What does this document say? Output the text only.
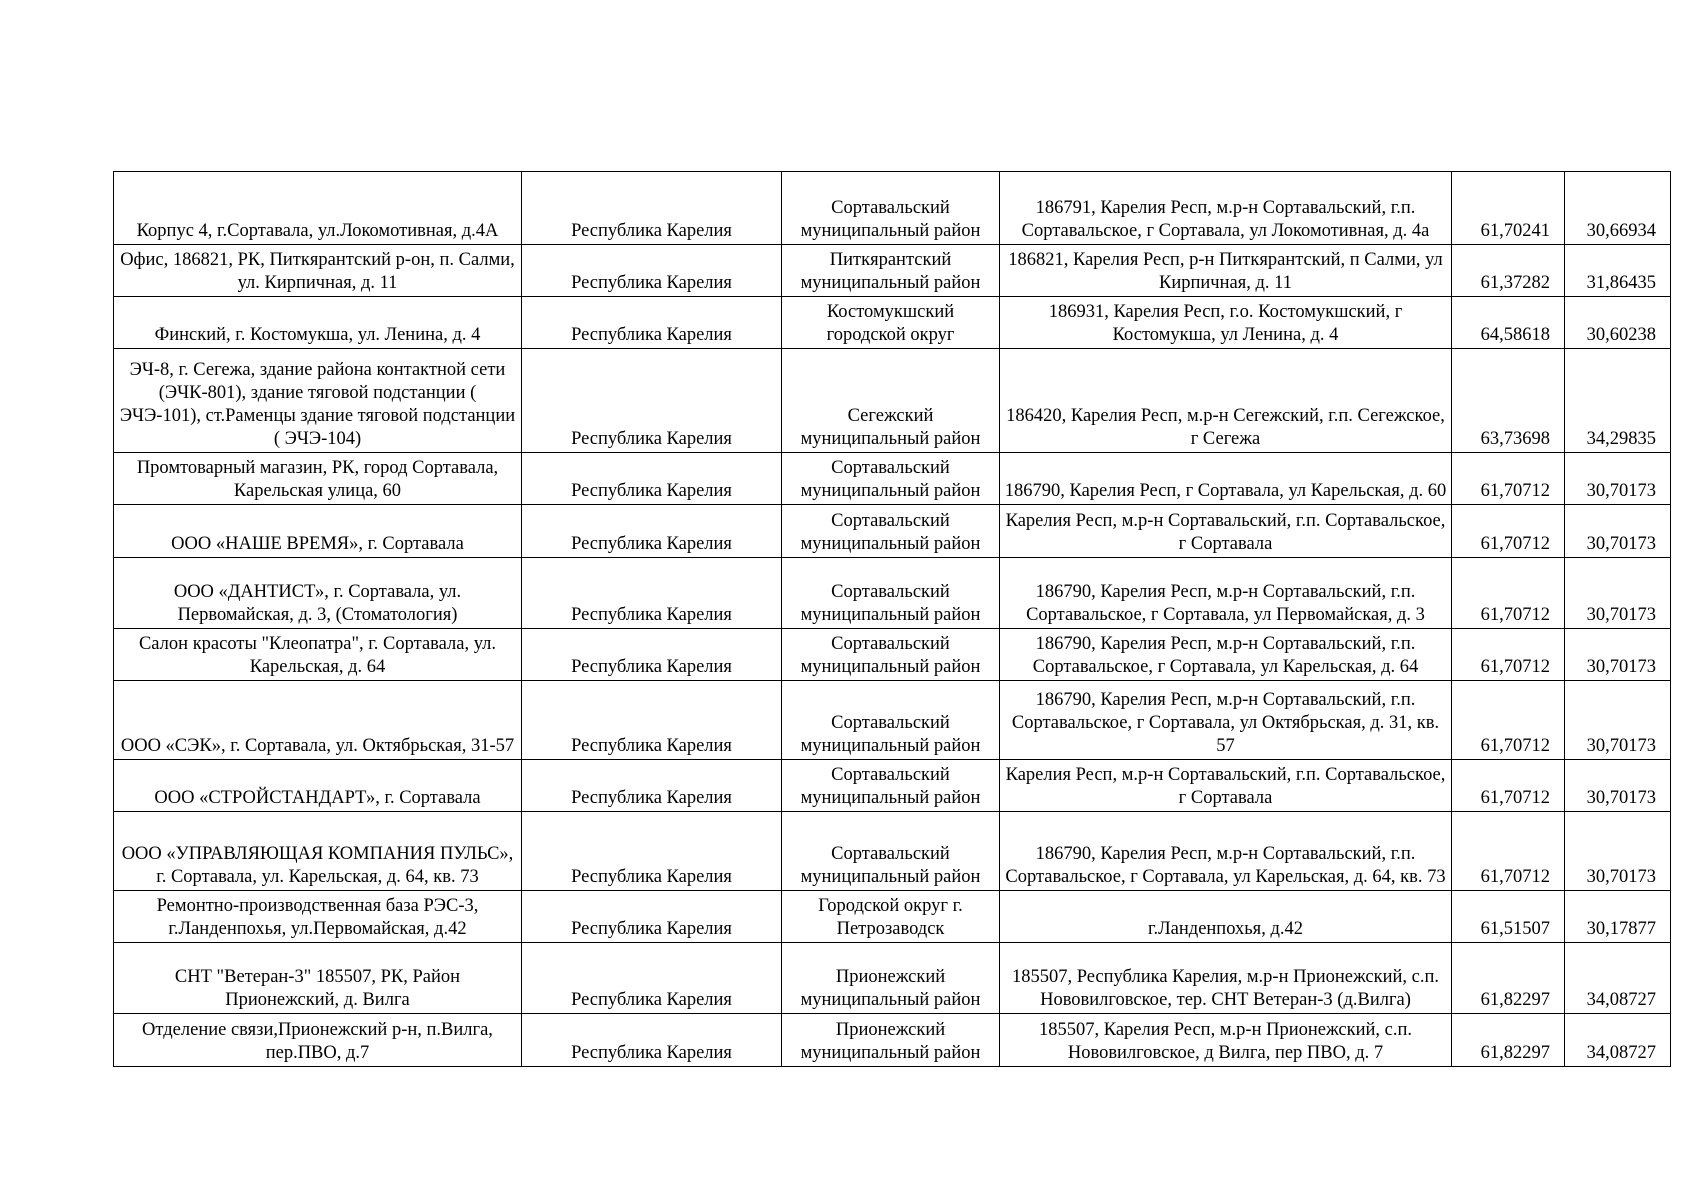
Корпус 4, г.Сортавала, ул.Локомотивная, д.4А	Республика Карелия	Сортавальский муниципальный район	186791, Карелия Респ, м.р-н Сортавальский, г.п. Сортавальское, г Сортавала, ул Локомотивная, д. 4а	61,70241	30,66934
Офис, 186821, РК, Питкярантский р-он, п. Салми, ул. Кирпичная, д. 11	Республика Карелия	Питкярантский муниципальный район	186821, Карелия Респ, р-н Питкярантский, п Салми, ул Кирпичная, д. 11	61,37282	31,86435
Финский, г. Костомукша, ул. Ленина, д. 4	Республика Карелия	Костомукшский городской округ	186931, Карелия Респ, г.о. Костомукшский, г Костомукша, ул Ленина, д. 4	64,58618	30,60238
ЭЧ-8, г. Сегежа, здание района контактной сети (ЭЧК-801), здание тяговой подстанции ( ЭЧЭ-101), ст.Раменцы здание тяговой подстанции ( ЭЧЭ-104)	Республика Карелия	Сегежский муниципальный район	186420, Карелия Респ, м.р-н Сегежский, г.п. Сегежское, г Сегежа	63,73698	34,29835
Промтоварный магазин, РК, город Сортавала, Карельская улица, 60	Республика Карелия	Сортавальский муниципальный район	186790, Карелия Респ, г Сортавала, ул Карельская, д. 60	61,70712	30,70173
ООО «НАШЕ ВРЕМЯ», г. Сортавала	Республика Карелия	Сортавальский муниципальный район	Карелия Респ, м.р-н Сортавальский, г.п. Сортавальское, г Сортавала	61,70712	30,70173
ООО «ДАНТИСТ», г. Сортавала, ул. Первомайская, д. 3, (Стоматология)	Республика Карелия	Сортавальский муниципальный район	186790, Карелия Респ, м.р-н Сортавальский, г.п. Сортавальское, г Сортавала, ул Первомайская, д. 3	61,70712	30,70173
Салон красоты "Клеопатра", г. Сортавала, ул. Карельская, д. 64	Республика Карелия	Сортавальский муниципальный район	186790, Карелия Респ, м.р-н Сортавальский, г.п. Сортавальское, г Сортавала, ул Карельская, д. 64	61,70712	30,70173
ООО «СЭК», г. Сортавала, ул. Октябрьская, 31-57	Республика Карелия	Сортавальский муниципальный район	186790, Карелия Респ, м.р-н Сортавальский, г.п. Сортавальское, г Сортавала, ул Октябрьская, д. 31, кв. 57	61,70712	30,70173
ООО «СТРОЙСТАНДАРТ», г. Сортавала	Республика Карелия	Сортавальский муниципальный район	Карелия Респ, м.р-н Сортавальский, г.п. Сортавальское, г Сортавала	61,70712	30,70173
ООО «УПРАВЛЯЮЩАЯ КОМПАНИЯ ПУЛЬС», г. Сортавала, ул. Карельская, д. 64, кв. 73	Республика Карелия	Сортавальский муниципальный район	186790, Карелия Респ, м.р-н Сортавальский, г.п. Сортавальское, г Сортавала, ул Карельская, д. 64, кв. 73	61,70712	30,70173
Ремонтно-производственная база РЭС-3, г.Ланденпохья, ул.Первомайская, д.42	Республика Карелия	Городской округ г. Петрозаводск	г.Ланденпохья, д.42	61,51507	30,17877
СНТ "Ветеран-3" 185507, РК, Район Прионежский, д. Вилга	Республика Карелия	Прионежский муниципальный район	185507, Республика Карелия, м.р-н Прионежский, с.п. Нововилговское, тер. СНТ Ветеран-3 (д.Вилга)	61,82297	34,08727
Отделение связи,Прионежский р-н, п.Вилга, пер.ПВО, д.7	Республика Карелия	Прионежский муниципальный район	185507, Карелия Респ, м.р-н Прионежский, с.п. Нововилговское, д Вилга, пер ПВО, д. 7	61,82297	34,08727
